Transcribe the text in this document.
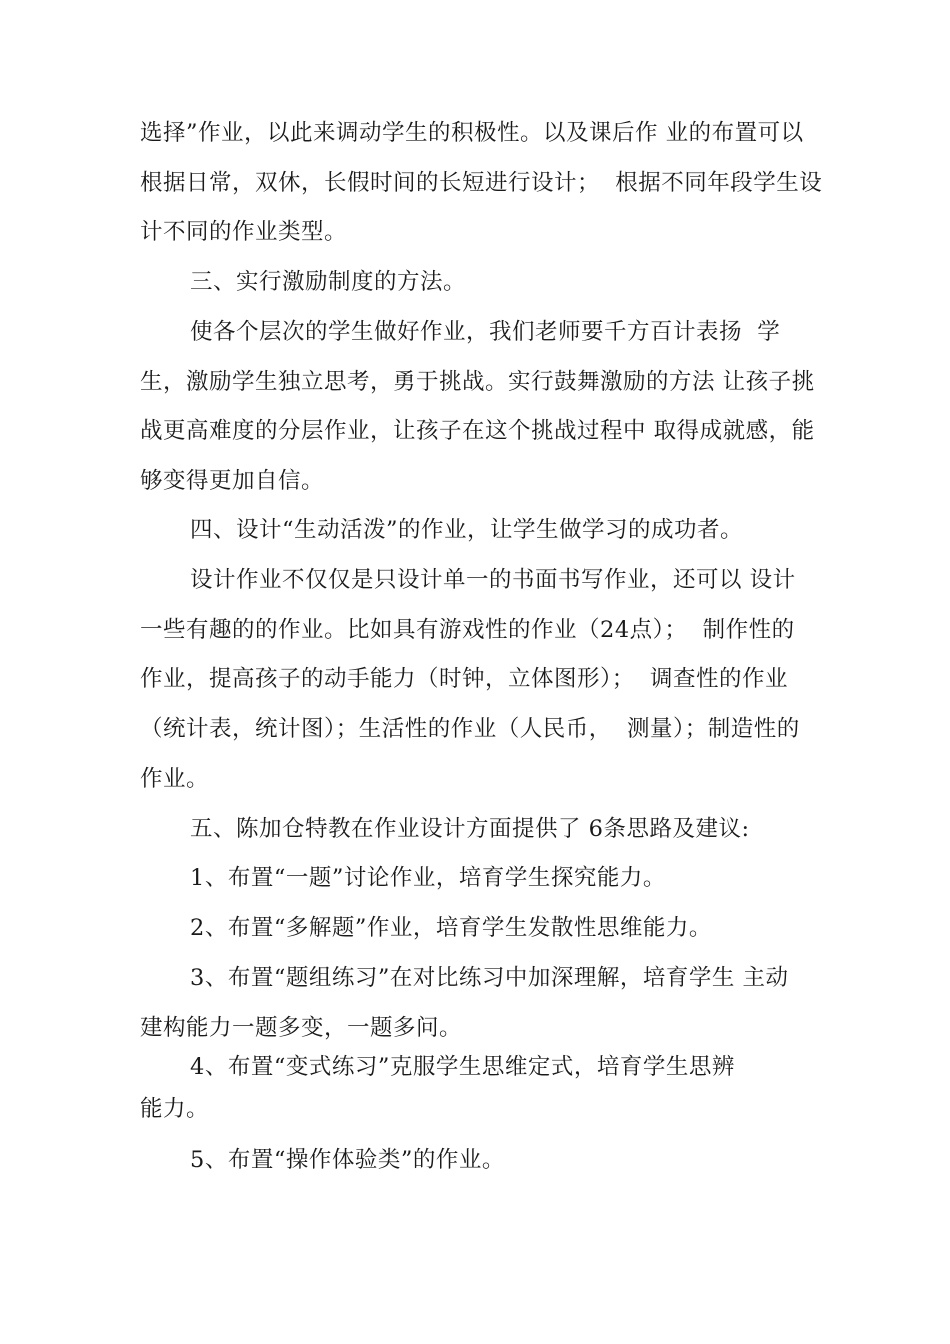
选择”作业，以此来调动学生的积极性。以及课后作 业的布置可以
根据日常，双休，长假时间的长短进行设计；  根据不同年段学生设
计不同的作业类型。
三、实行激励制度的方法。
使各个层次的学生做好作业，我们老师要千方百计表扬  学
生，激励学生独立思考，勇于挑战。实行鼓舞激励的方法 让孩子挑
战更高难度的分层作业，让孩子在这个挑战过程中 取得成就感，能
够变得更加自信。
四、设计“生动活泼”的作业，让学生做学习的成功者。
设计作业不仅仅是只设计单一的书面书写作业，还可以 设计
一些有趣的的作业。比如具有游戏性的作业（24点）；  制作性的
作业，提高孩子的动手能力（时钟，立体图形）；  调查性的作业
（统计表，统计图）；生活性的作业（人民币，  测量）；制造性的
作业。
五、陈加仓特教在作业设计方面提供了 6条思路及建议:
1、布置“一题”讨论作业，培育学生探究能力。
2、布置“多解题”作业，培育学生发散性思维能力。
3、布置“题组练习”在对比练习中加深理解，培育学生 主动
建构能力一题多变，一题多问。
4、布置“变式练习”克服学生思维定式，培育学生思辨
能力。
5、布置“操作体验类”的作业。
